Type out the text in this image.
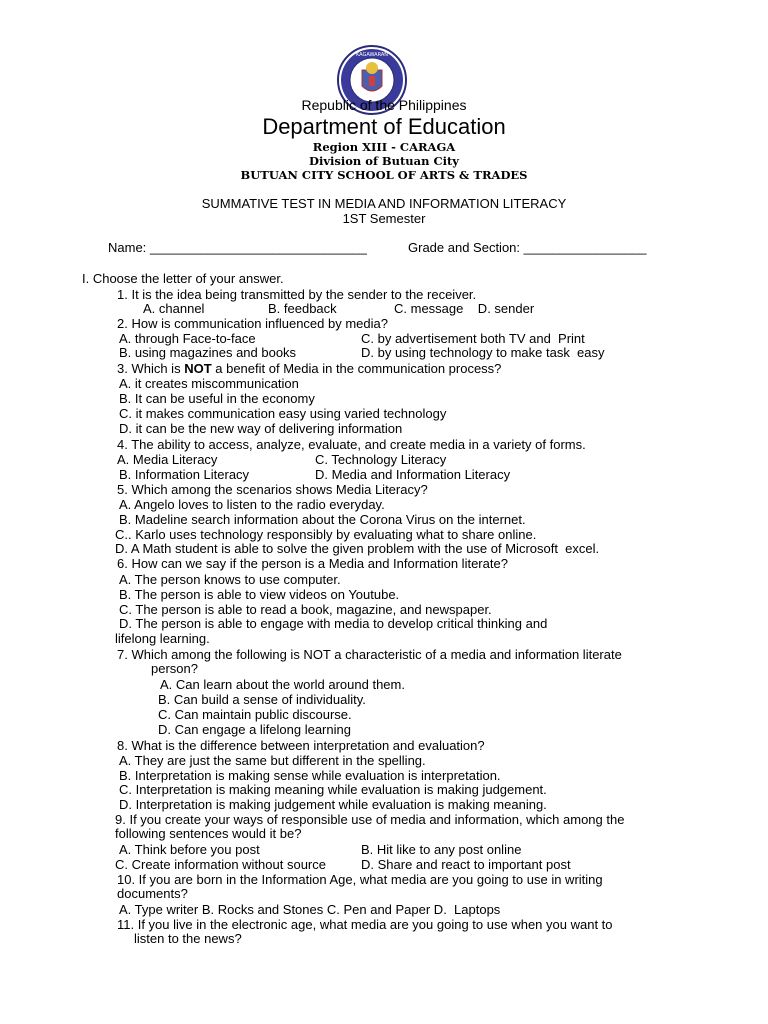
KAGAWARAN
Republic of the Philippines
Department of Education
Region XIII - CARAGA
Division of Butuan City
BUTUAN CITY SCHOOL OF ARTS & TRADES
SUMMATIVE TEST IN MEDIA AND INFORMATION LITERACY
1ST Semester
Name: ______________________________	Grade and Section: _________________
I. Choose the letter of your answer.
1. It is the idea being transmitted by the sender to the receiver.
A. channel	B. feedback	C. message    D. sender
2. How is communication influenced by media?
A. through Face-to-face	C. by advertisement both TV and  Print
B. using magazines and books	D. by using technology to make task  easy
3. Which is NOT a benefit of Media in the communication process?
A. it creates miscommunication
B. It can be useful in the economy
C. it makes communication easy using varied technology
D. it can be the new way of delivering information
4. The ability to access, analyze, evaluate, and create media in a variety of forms.
A. Media Literacy	C. Technology Literacy
B. Information Literacy	D. Media and Information Literacy
5. Which among the scenarios shows Media Literacy?
A. Angelo loves to listen to the radio everyday.
B. Madeline search information about the Corona Virus on the internet.
C.. Karlo uses technology responsibly by evaluating what to share online.
D. A Math student is able to solve the given problem with the use of Microsoft  excel.
6. How can we say if the person is a Media and Information literate?
A. The person knows to use computer.
B. The person is able to view videos on Youtube.
C. The person is able to read a book, magazine, and newspaper.
D. The person is able to engage with media to develop critical thinking and
lifelong learning.
7. Which among the following is NOT a characteristic of a media and information literate
person?
A. Can learn about the world around them.
B. Can build a sense of individuality.
C. Can maintain public discourse.
D. Can engage a lifelong learning
8. What is the difference between interpretation and evaluation?
A. They are just the same but different in the spelling.
B. Interpretation is making sense while evaluation is interpretation.
C. Interpretation is making meaning while evaluation is making judgement.
D. Interpretation is making judgement while evaluation is making meaning.
9. If you create your ways of responsible use of media and information, which among the
following sentences would it be?
A. Think before you post	B. Hit like to any post online
C. Create information without source	D. Share and react to important post
10. If you are born in the Information Age, what media are you going to use in writing
documents?
A. Type writer B. Rocks and Stones C. Pen and Paper D.  Laptops
11. If you live in the electronic age, what media are you going to use when you want to
listen to the news?
